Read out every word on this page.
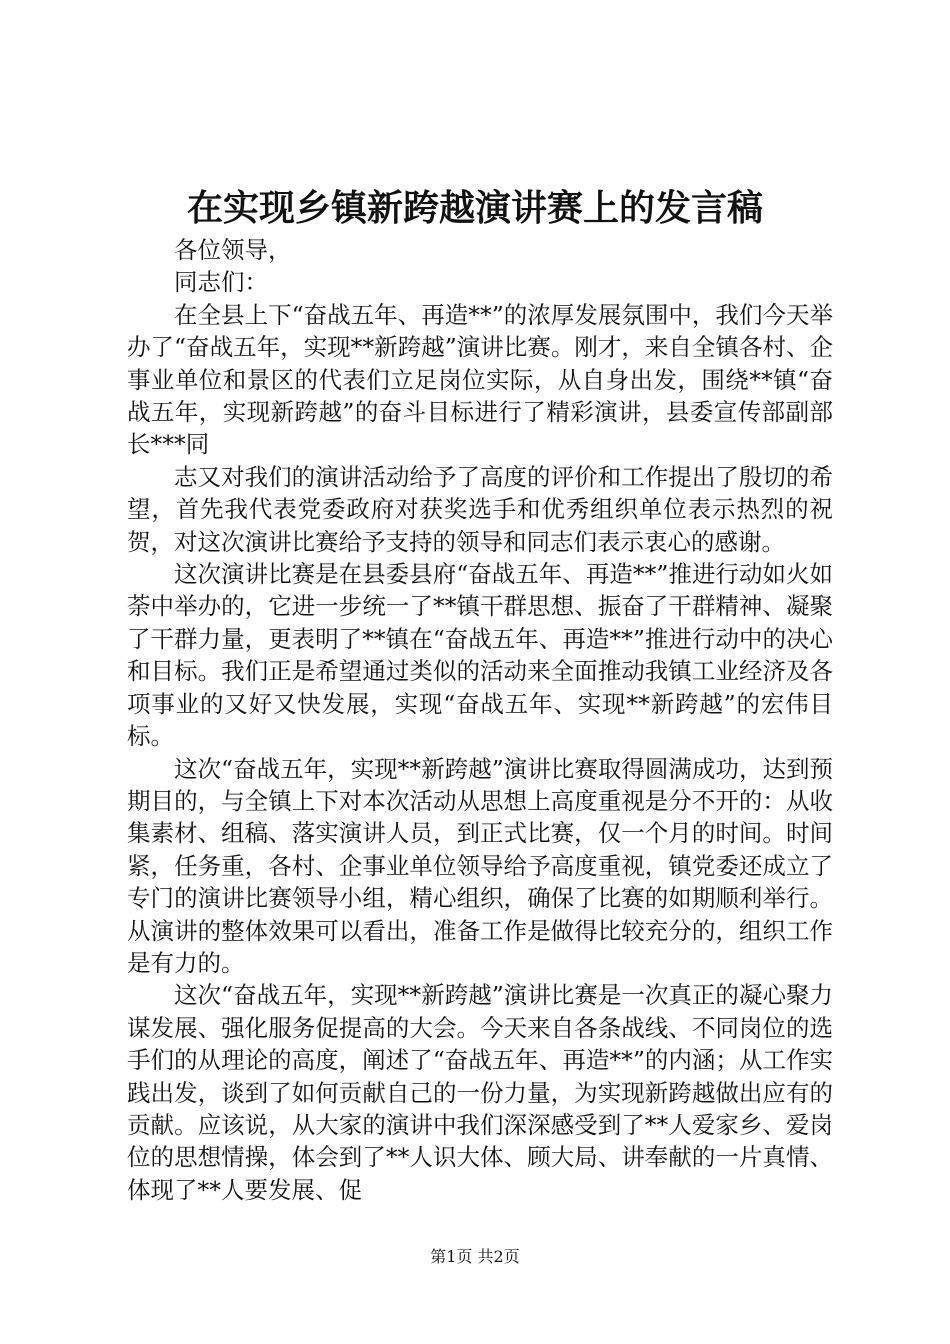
在实现乡镇新跨越演讲赛上的发言稿

各位领导，

同志们：

在全县上下“奋战五年、再造**”的浓厚发展氛围中，我们今天举办了“奋战五年，实现**新跨越”演讲比赛。刚才，来自全镇各村、企事业单位和景区的代表们立足岗位实际，从自身出发，围绕**镇“奋战五年，实现新跨越”的奋斗目标进行了精彩演讲，县委宣传部副部长***同

志又对我们的演讲活动给予了高度的评价和工作提出了殷切的希望，首先我代表党委政府对获奖选手和优秀组织单位表示热烈的祝贺，对这次演讲比赛给予支持的领导和同志们表示衷心的感谢。

这次演讲比赛是在县委县府“奋战五年、再造**”推进行动如火如荼中举办的，它进一步统一了**镇干群思想、振奋了干群精神、凝聚了干群力量，更表明了**镇在“奋战五年、再造**”推进行动中的决心和目标。我们正是希望通过类似的活动来全面推动我镇工业经济及各项事业的又好又快发展，实现“奋战五年、实现**新跨越”的宏伟目标。

这次“奋战五年，实现**新跨越”演讲比赛取得圆满成功，达到预期目的，与全镇上下对本次活动从思想上高度重视是分不开的：从收集素材、组稿、落实演讲人员，到正式比赛，仅一个月的时间。时间紧，任务重，各村、企事业单位领导给予高度重视，镇党委还成立了专门的演讲比赛领导小组，精心组织，确保了比赛的如期顺利举行。从演讲的整体效果可以看出，准备工作是做得比较充分的，组织工作是有力的。

这次“奋战五年，实现**新跨越”演讲比赛是一次真正的凝心聚力谋发展、强化服务促提高的大会。今天来自各条战线、不同岗位的选手们的从理论的高度，阐述了“奋战五年、再造**”的内涵；从工作实践出发，谈到了如何贡献自己的一份力量，为实现新跨越做出应有的贡献。应该说，从大家的演讲中我们深深感受到了**人爱家乡、爱岗位的思想情操，体会到了**人识大体、顾大局、讲奉献的一片真情、体现了**人要发展、促

第1页 共2页
